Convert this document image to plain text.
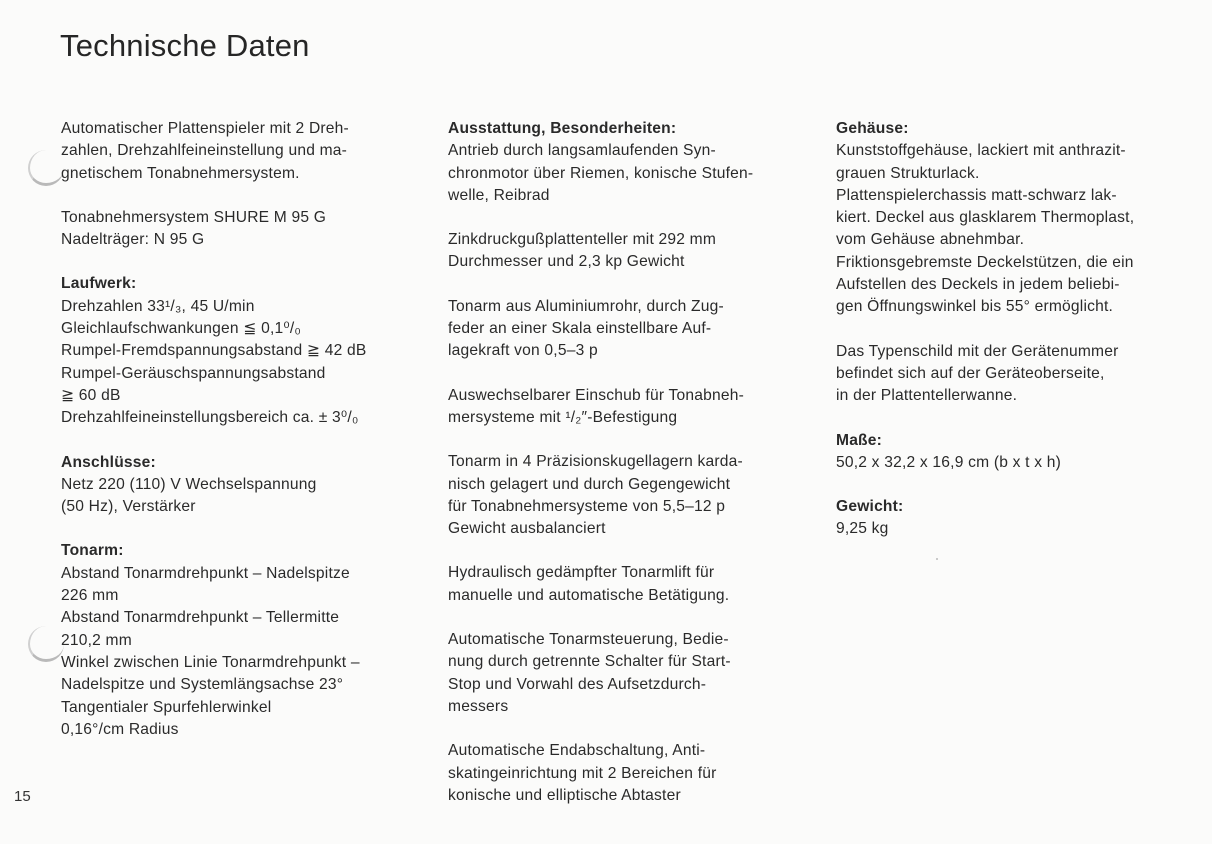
Technische Daten
Automatischer Plattenspieler mit 2 Dreh-
zahlen, Drehzahlfeineinstellung und ma-
gnetischem Tonabnehmersystem.
Tonabnehmersystem SHURE M 95 G
Nadelträger: N 95 G
Laufwerk:
Drehzahlen 33¹/₃, 45 U/min
Gleichlaufschwankungen ≦ 0,1⁰/₀
Rumpel-Fremdspannungsabstand ≧ 42 dB
Rumpel-Geräuschspannungsabstand
≧ 60 dB
Drehzahlfeineinstellungsbereich ca. ± 3⁰/₀
Anschlüsse:
Netz 220 (110) V Wechselspannung
(50 Hz), Verstärker
Tonarm:
Abstand Tonarmdrehpunkt – Nadelspitze
226 mm
Abstand Tonarmdrehpunkt – Tellermitte
210,2 mm
Winkel zwischen Linie Tonarmdrehpunkt –
Nadelspitze und Systemlängsachse 23°
Tangentialer Spurfehlerwinkel
0,16°/cm Radius
Ausstattung, Besonderheiten:
Antrieb durch langsamlaufenden Syn-
chronmotor über Riemen, konische Stufen-
welle, Reibrad
Zinkdruckgußplattenteller mit 292 mm
Durchmesser und 2,3 kp Gewicht
Tonarm aus Aluminiumrohr, durch Zug-
feder an einer Skala einstellbare Auf-
lagekraft von 0,5–3 p
Auswechselbarer Einschub für Tonabneh-
mersysteme mit ¹/₂″-Befestigung
Tonarm in 4 Präzisionskugellagern karda-
nisch gelagert und durch Gegengewicht
für Tonabnehmersysteme von 5,5–12 p
Gewicht ausbalanciert
Hydraulisch gedämpfter Tonarmlift für
manuelle und automatische Betätigung.
Automatische Tonarmsteuerung, Bedie-
nung durch getrennte Schalter für Start-
Stop und Vorwahl des Aufsetzdurch-
messers
Automatische Endabschaltung, Anti-
skatingeinrichtung mit 2 Bereichen für
konische und elliptische Abtaster
Gehäuse:
Kunststoffgehäuse, lackiert mit anthrazit-
grauen Strukturlack.
Plattenspielerchassis matt-schwarz lak-
kiert. Deckel aus glasklarem Thermoplast,
vom Gehäuse abnehmbar.
Friktionsgebremste Deckelstützen, die ein
Aufstellen des Deckels in jedem beliebi-
gen Öffnungswinkel bis 55° ermöglicht.
Das Typenschild mit der Gerätenummer
befindet sich auf der Geräteoberseite,
in der Plattentellerwanne.
Maße:
50,2 x 32,2 x 16,9 cm (b x t x h)
Gewicht:
9,25 kg
15
